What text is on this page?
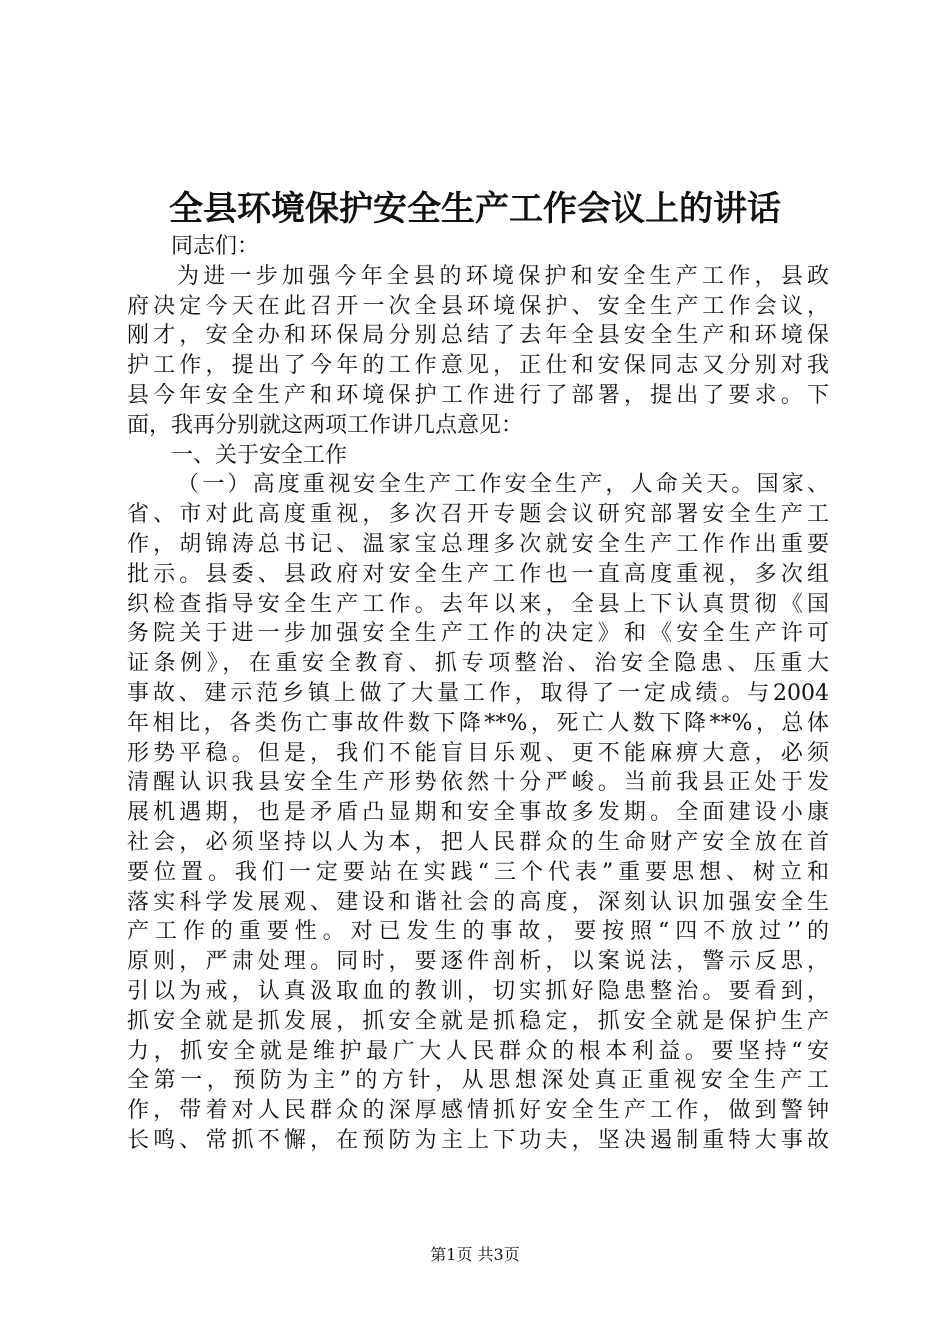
全县环境保护安全生产工作会议上的讲话
同志们：
为进一步加强今年全县的环境保护和安全生产工作，县政
府决定今天在此召开一次全县环境保护、安全生产工作会议，
刚才，安全办和环保局分别总结了去年全县安全生产和环境保
护工作，提出了今年的工作意见，正仕和安保同志又分别对我
县今年安全生产和环境保护工作进行了部署，提出了要求。下
面，我再分别就这两项工作讲几点意见：
一、关于安全工作
（一）高度重视安全生产工作安全生产，人命关天。国家、
省、市对此高度重视，多次召开专题会议研究部署安全生产工
作，胡锦涛总书记、温家宝总理多次就安全生产工作作出重要
批示。县委、县政府对安全生产工作也一直高度重视，多次组
织检查指导安全生产工作。去年以来，全县上下认真贯彻《国
务院关于进一步加强安全生产工作的决定》和《安全生产许可
证条例》，在重安全教育、抓专项整治、治安全隐患、压重大
事故、建示范乡镇上做了大量工作，取得了一定成绩。与2004
年相比，各类伤亡事故件数下降**%，死亡人数下降**%，总体
形势平稳。但是，我们不能盲目乐观、更不能麻痹大意，必须
清醒认识我县安全生产形势依然十分严峻。当前我县正处于发
展机遇期，也是矛盾凸显期和安全事故多发期。全面建设小康
社会，必须坚持以人为本，把人民群众的生命财产安全放在首
要位置。我们一定要站在实践“三个代表”重要思想、树立和
落实科学发展观、建设和谐社会的高度，深刻认识加强安全生
产工作的重要性。对已发生的事故，要按照“四不放过’’的
原则，严肃处理。同时，要逐件剖析，以案说法，警示反思，
引以为戒，认真汲取血的教训，切实抓好隐患整治。要看到，
抓安全就是抓发展，抓安全就是抓稳定，抓安全就是保护生产
力，抓安全就是维护最广大人民群众的根本利益。要坚持“安
全第一，预防为主”的方针，从思想深处真正重视安全生产工
作，带着对人民群众的深厚感情抓好安全生产工作，做到警钟
长鸣、常抓不懈，在预防为主上下功夫，坚决遏制重特大事故
第1页 共3页
